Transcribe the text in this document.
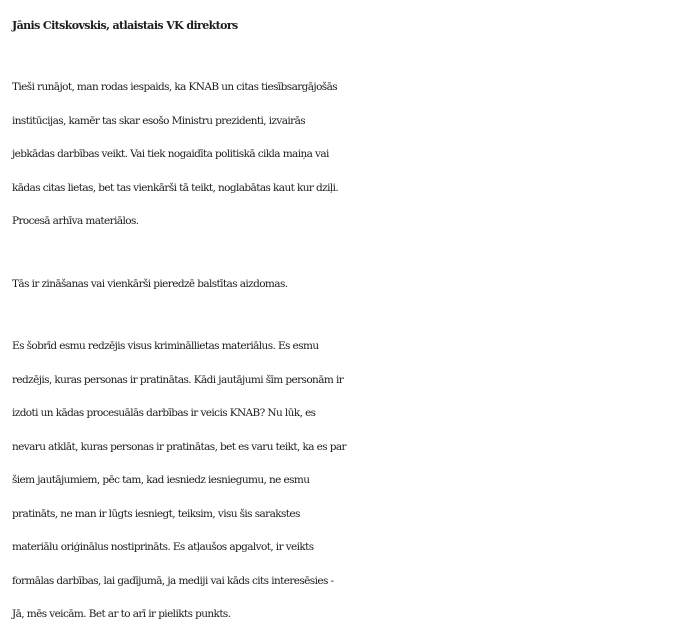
Jānis Citskovskis, atlaistais VK direktors

Tieši runājot, man rodas iespaids, ka KNAB un citas tiesībsargājošās
institūcijas, kamēr tas skar esošo Ministru prezidenti, izvairās
jebkādas darbības veikt. Vai tiek nogaidīta politiskā cikla maiņa vai
kādas citas lietas, bet tas vienkārši tā teikt, noglabātas kaut kur dziļi.
Procesā arhīva materiālos.

Tās ir zināšanas vai vienkārši pieredzē balstītas aizdomas.

Es šobrīd esmu redzējis visus krimināllietas materiālus. Es esmu
redzējis, kuras personas ir pratinātas. Kādi jautājumi šīm personām ir
izdoti un kādas procesuālās darbības ir veicis KNAB? Nu lūk, es
nevaru atklāt, kuras personas ir pratinātas, bet es varu teikt, ka es par
šiem jautājumiem, pēc tam, kad iesniedz iesniegumu, ne esmu
pratināts, ne man ir lūgts iesniegt, teiksim, visu šis sarakstes
materiālu oriģinālus nostiprināts. Es atļaušos apgalvot, ir veikts
formālas darbības, lai gadījumā, ja mediji vai kāds cits interesēsies -
Jā, mēs veicām. Bet ar to arī ir pielikts punkts.
